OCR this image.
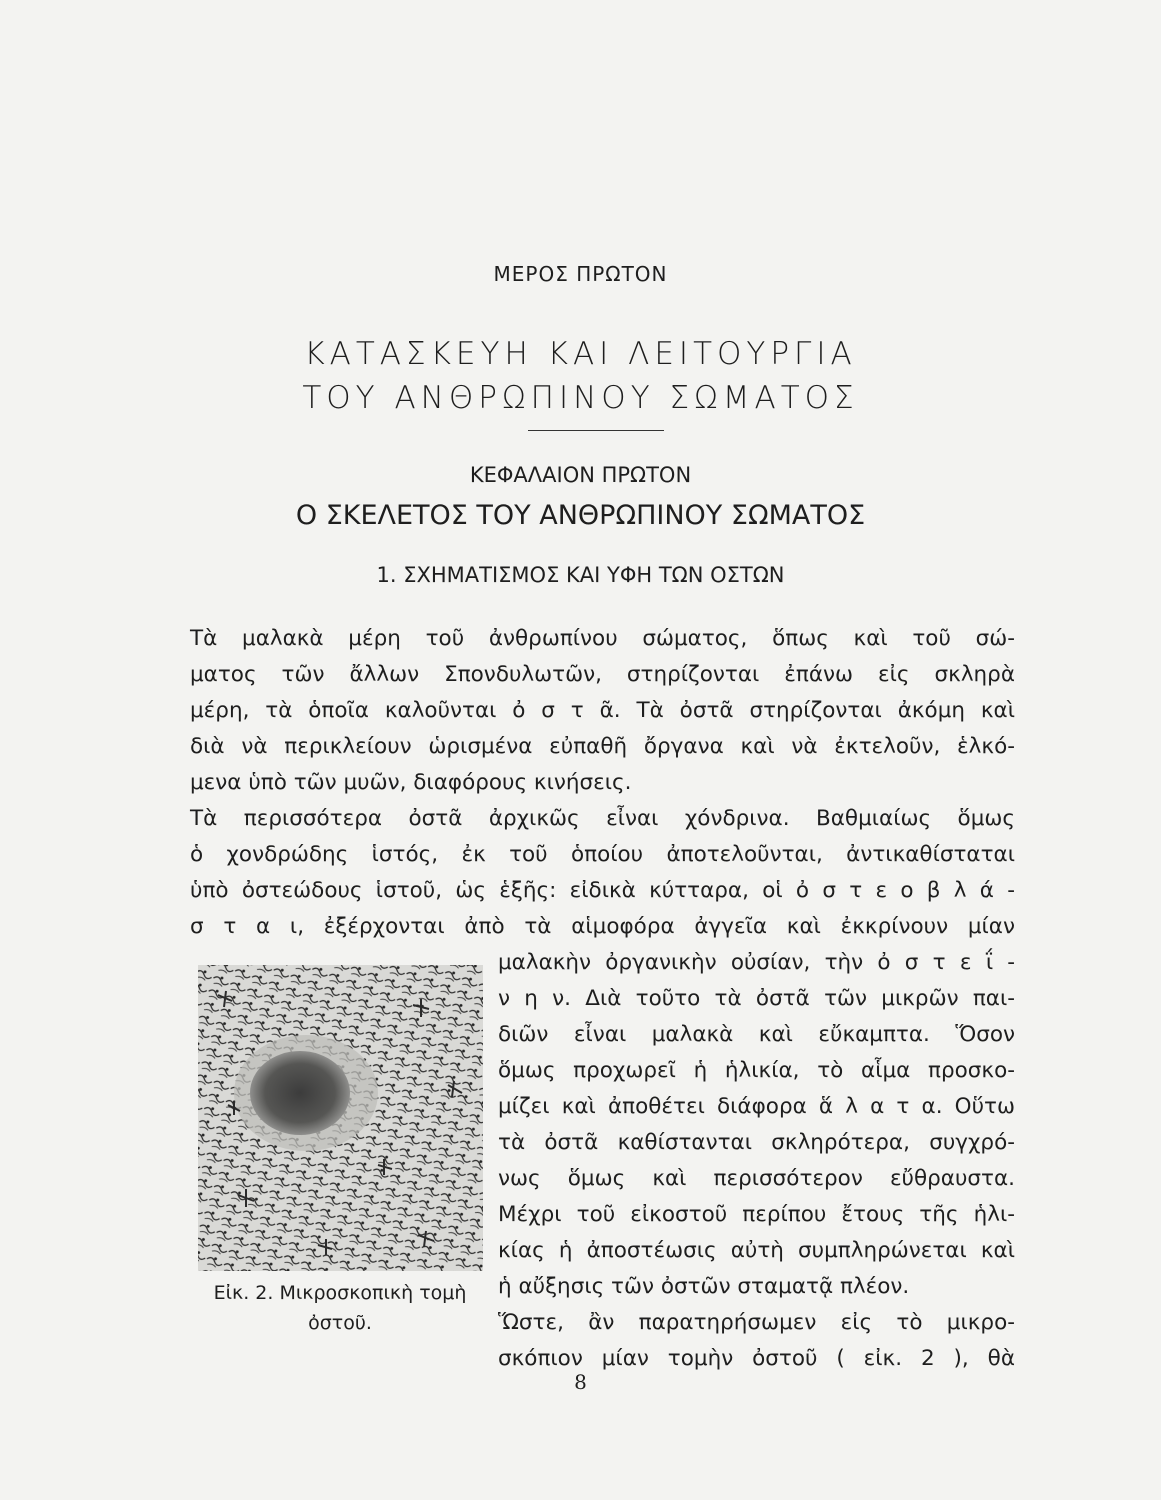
ΜΕΡΟΣ ΠΡΩΤΟΝ
ΚΑΤΑΣΚΕΥΗ ΚΑΙ ΛΕΙΤΟΥΡΓΙΑ
ΤΟΥ ΑΝΘΡΩΠΙΝΟΥ ΣΩΜΑΤΟΣ
ΚΕΦΑΛΑΙΟΝ ΠΡΩΤΟΝ
Ο ΣΚΕΛΕΤΟΣ ΤΟΥ ΑΝΘΡΩΠΙΝΟΥ ΣΩΜΑΤΟΣ
1. ΣΧΗΜΑΤΙΣΜΟΣ ΚΑΙ ΥΦΗ ΤΩΝ ΟΣΤΩΝ
Τὰ μαλακὰ μέρη τοῦ ἀνθρωπίνου σώματος, ὅπως καὶ τοῦ σώ-
ματος τῶν ἄλλων Σπονδυλωτῶν, στηρίζονται ἐπάνω εἰς σκληρὰ
μέρη, τὰ ὁποῖα καλοῦνται ὀ σ τ ᾶ. Τὰ ὀστᾶ στηρίζονται ἀκόμη καὶ
διὰ νὰ περικλείουν ὡρισμένα εὐπαθῆ ὄργανα καὶ νὰ ἐκτελοῦν, ἑλκό-
μενα ὑπὸ τῶν μυῶν, διαφόρους κινήσεις.
Τὰ περισσότερα ὀστᾶ ἀρχικῶς εἶναι χόνδρινα. Βαθμιαίως ὅμως
ὁ χονδρώδης ἱστός, ἐκ τοῦ ὁποίου ἀποτελοῦνται, ἀντικαθίσταται
ὑπὸ ὀστεώδους ἱστοῦ, ὡς ἑξῆς: εἰδικὰ κύτταρα, οἱ ὀ σ τ ε ο β λ ά -
σ τ α ι, ἐξέρχονται ἀπὸ τὰ αἱμοφόρα ἀγγεῖα καὶ ἐκκρίνουν μίαν
μαλακὴν ὀργανικὴν οὐσίαν, τὴν ὀ σ τ ε ΐ -
ν η ν. Διὰ τοῦτο τὰ ὀστᾶ τῶν μικρῶν παι-
διῶν εἶναι μαλακὰ καὶ εὔκαμπτα. Ὅσον
ὅμως προχωρεῖ ἡ ἡλικία, τὸ αἷμα προσκο-
μίζει καὶ ἀποθέτει διάφορα ἅ λ α τ α. Οὕτω
τὰ ὀστᾶ καθίστανται σκληρότερα, συγχρό-
νως ὅμως καὶ περισσότερον εὔθραυστα.
Μέχρι τοῦ εἰκοστοῦ περίπου ἔτους τῆς ἡλι-
κίας ἡ ἀποστέωσις αὐτὴ συμπληρώνεται καὶ
ἡ αὔξησις τῶν ὀστῶν σταματᾷ πλέον.
Ὥστε, ἂν παρατηρήσωμεν εἰς τὸ μικρο-
σκόπιον μίαν τομὴν ὀστοῦ ( εἰκ. 2 ), θὰ
Εἰκ. 2. Μικροσκοπικὴ τομὴ
ὀστοῦ.
8
